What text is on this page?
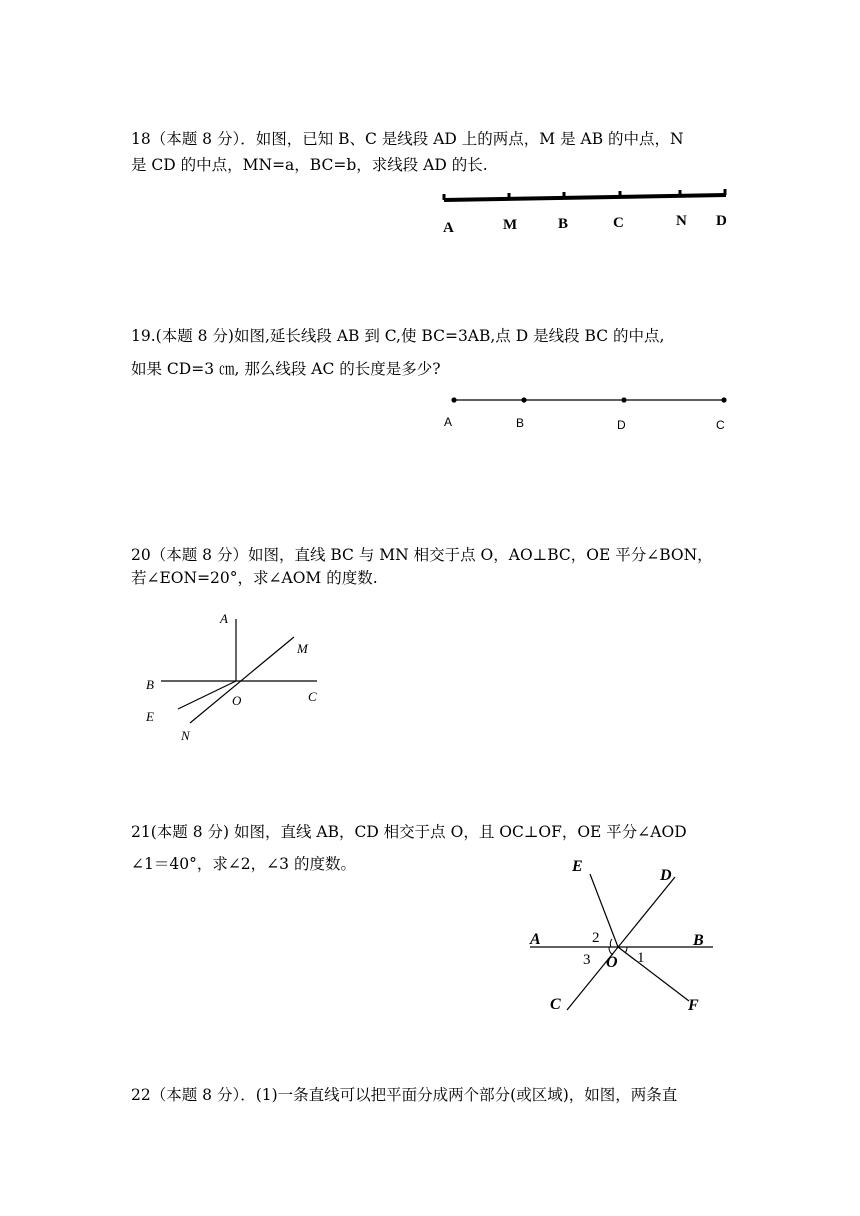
18（本题 8 分）．如图，已知 B、C 是线段 AD 上的两点，M 是 AB 的中点，N
是 CD 的中点，MN=a，BC=b，求线段 AD 的长.
A	M	B	C	N D
19.(本题 8 分)如图,延长线段 AB 到 C,使 BC=3AB,点 D 是线段 BC 的中点,
如果 CD=3 ㎝, 那么线段 AC 的长度是多少?
A	B	D	C
20（本题 8 分）如图，直线 BC 与 MN 相交于点 O，AO⊥BC，OE 平分∠BON，
若∠EON=20°，求∠AOM 的度数.
A
M
B
O	C
E
N
21(本题 8 分) 如图，直线 AB，CD 相交于点 O，且 OC⊥OF，OE 平分∠AOD
∠1＝40°，求∠2，∠3 的度数。	E
D
A	B
2
3 O 1
C	F
22（本题 8 分）．(1)一条直线可以把平面分成两个部分(或区域)，如图，两条直
